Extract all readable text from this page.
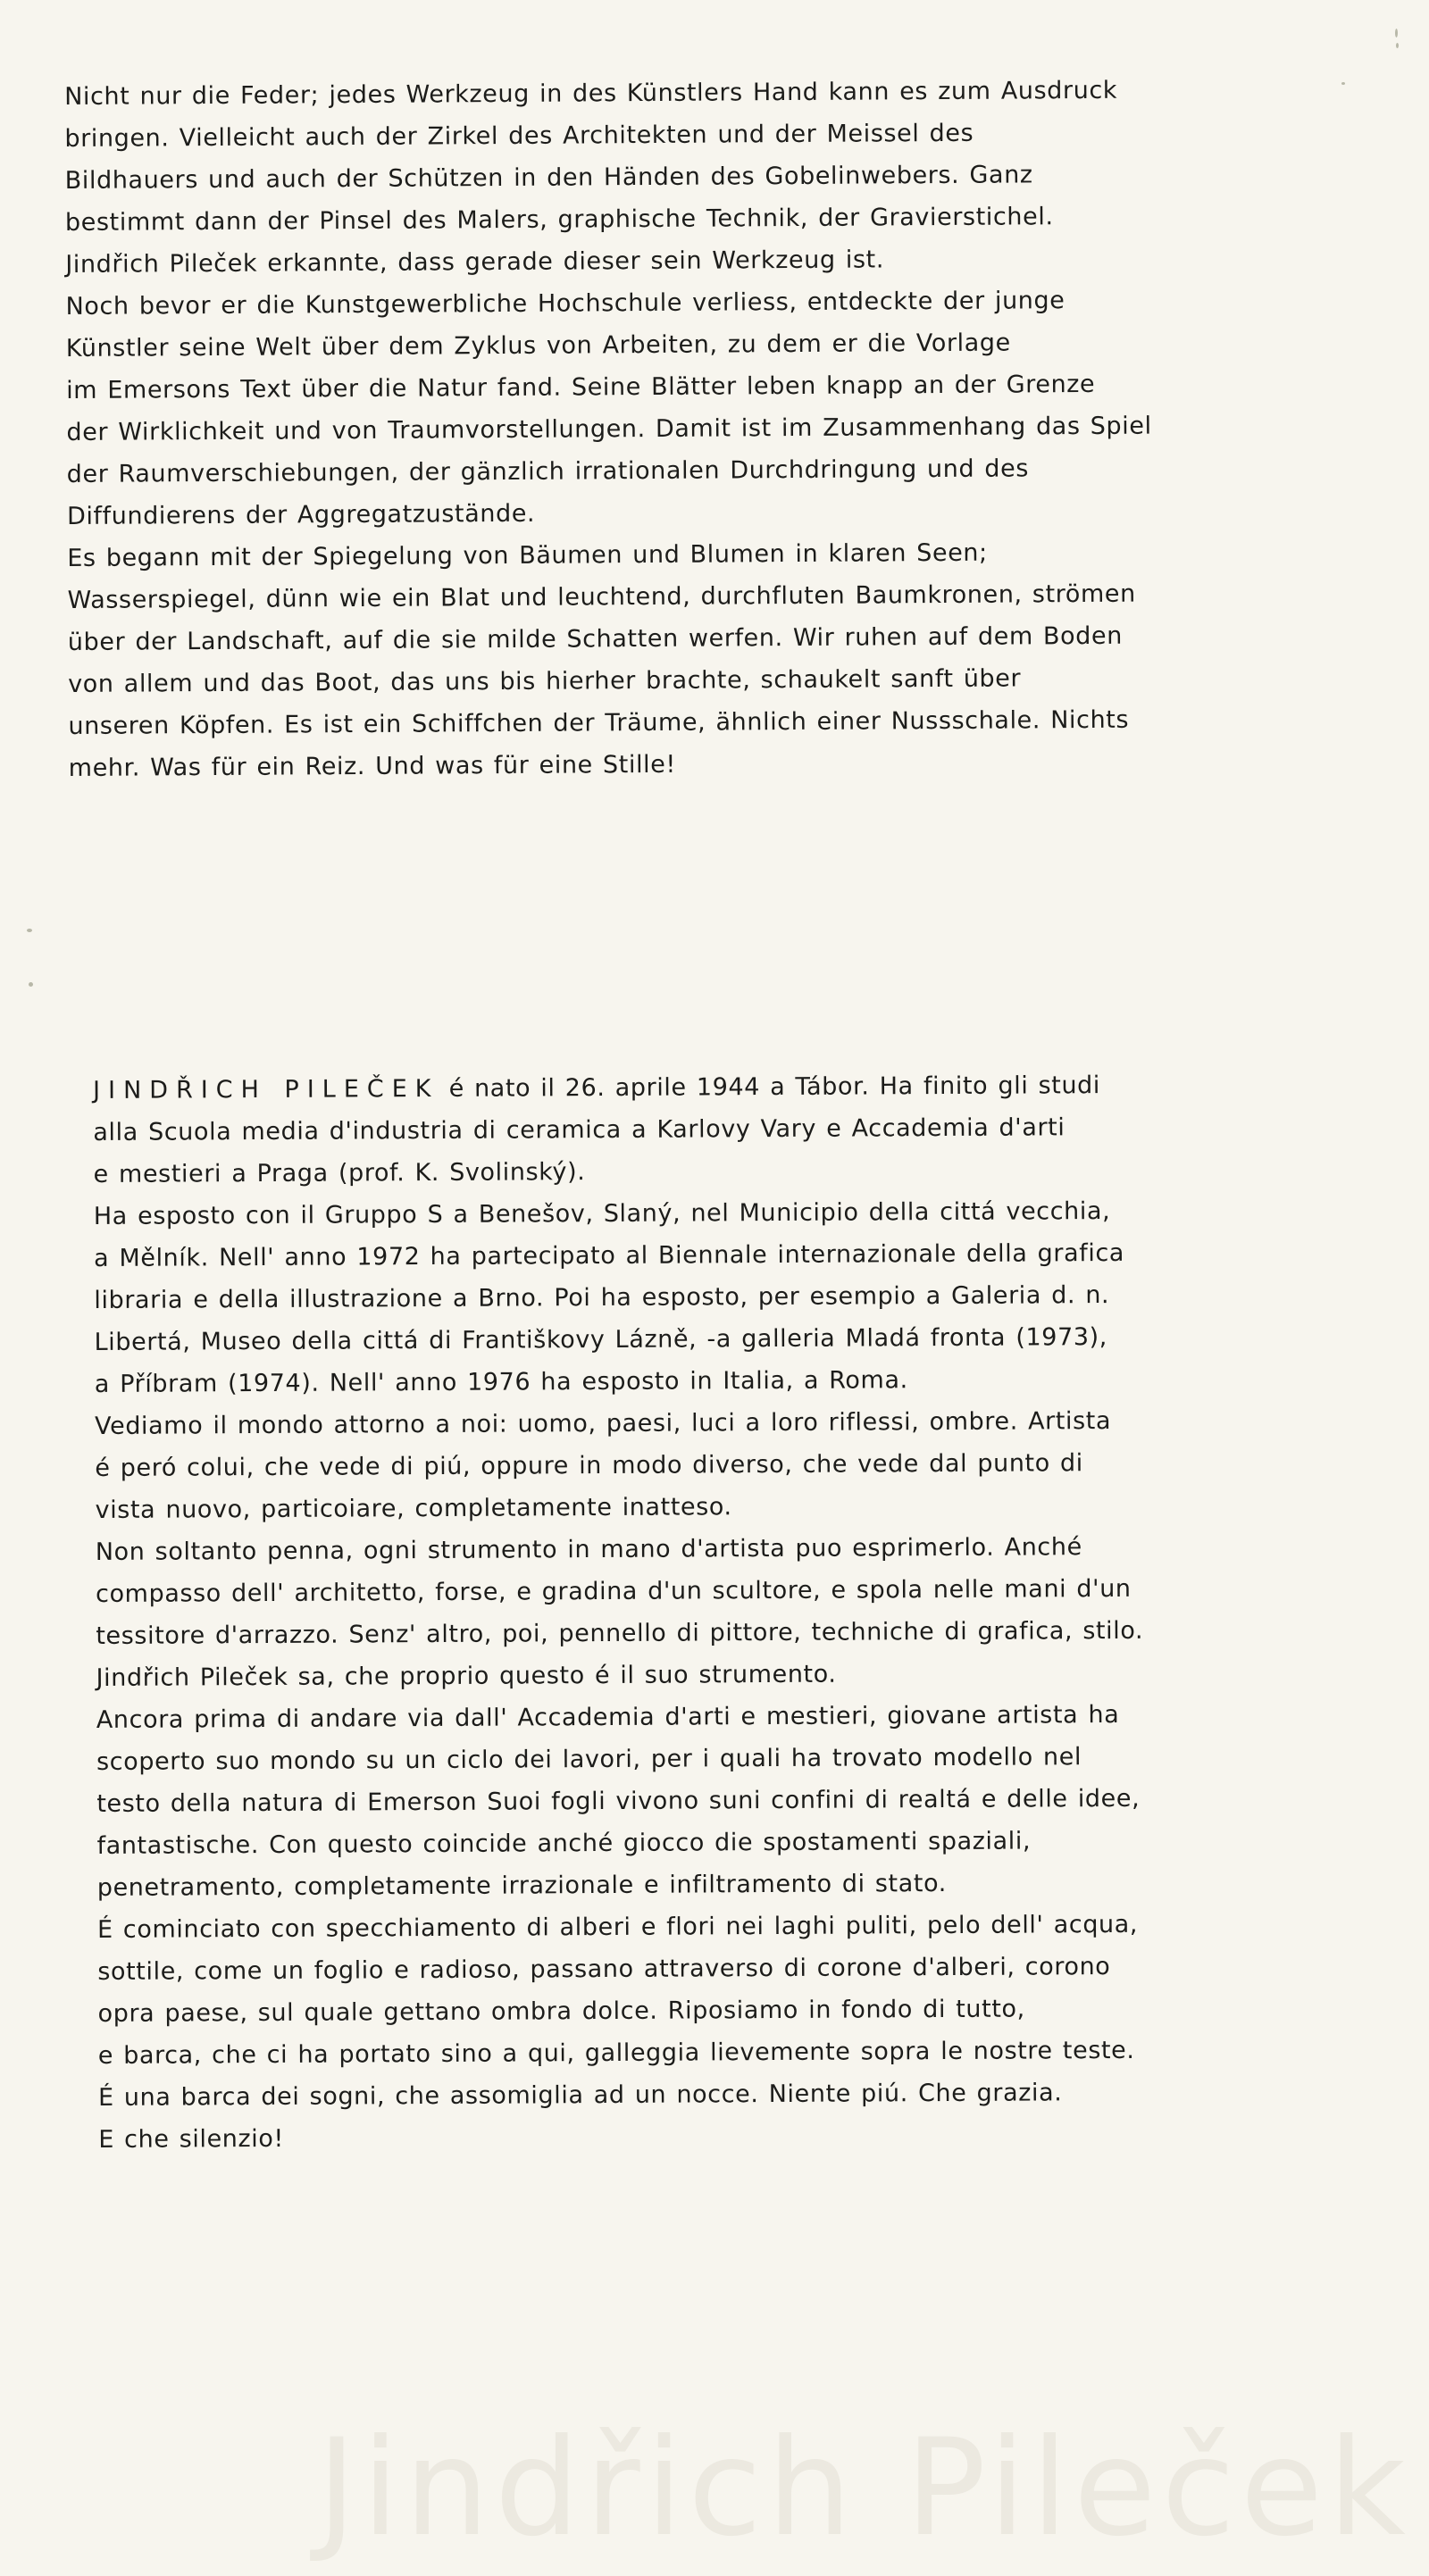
Nicht nur die Feder; jedes Werkzeug in des Künstlers Hand kann es zum Ausdruck
bringen. Vielleicht auch der Zirkel des Architekten und der Meissel des
Bildhauers und auch der Schützen in den Händen des Gobelinwebers. Ganz
bestimmt dann der Pinsel des Malers, graphische Technik, der Gravierstichel.
Jindřich Pileček erkannte, dass gerade dieser sein Werkzeug ist.
Noch bevor er die Kunstgewerbliche Hochschule verliess, entdeckte der junge
Künstler seine Welt über dem Zyklus von Arbeiten, zu dem er die Vorlage
im Emersons Text über die Natur fand. Seine Blätter leben knapp an der Grenze
der Wirklichkeit und von Traumvorstellungen. Damit ist im Zusammenhang das Spiel
der Raumverschiebungen, der gänzlich irrationalen Durchdringung und des
Diffundierens der Aggregatzustände.
Es begann mit der Spiegelung von Bäumen und Blumen in klaren Seen;
Wasserspiegel, dünn wie ein Blat und leuchtend, durchfluten Baumkronen, strömen
über der Landschaft, auf die sie milde Schatten werfen. Wir ruhen auf dem Boden
von allem und das Boot, das uns bis hierher brachte, schaukelt sanft über
unseren Köpfen. Es ist ein Schiffchen der Träume, ähnlich einer Nussschale. Nichts
mehr. Was für ein Reiz. Und was für eine Stille!
JINDŘICH PILEČEK é nato il 26. aprile 1944 a Tábor. Ha finito gli studi
alla Scuola media d'industria di ceramica a Karlovy Vary e Accademia d'arti
e mestieri a Praga (prof. K. Svolinský).
Ha esposto con il Gruppo S a Benešov, Slaný, nel Municipio della cittá vecchia,
a Mělník. Nell' anno 1972 ha partecipato al Biennale internazionale della grafica
libraria e della illustrazione a Brno. Poi ha esposto, per esempio a Galeria d. n.
Libertá, Museo della cittá di Františkovy Lázně, -a galleria Mladá fronta (1973),
a Příbram (1974). Nell' anno 1976 ha esposto in Italia, a Roma.
Vediamo il mondo attorno a noi: uomo, paesi, luci a loro riflessi, ombre. Artista
é peró colui, che vede di piú, oppure in modo diverso, che vede dal punto di
vista nuovo, particoiare, completamente inatteso.
Non soltanto penna, ogni strumento in mano d'artista puo esprimerlo. Anché
compasso dell' architetto, forse, e gradina d'un scultore, e spola nelle mani d'un
tessitore d'arrazzo. Senz' altro, poi, pennello di pittore, techniche di grafica, stilo.
Jindřich Pileček sa, che proprio questo é il suo strumento.
Ancora prima di andare via dall' Accademia d'arti e mestieri, giovane artista ha
scoperto suo mondo su un ciclo dei lavori, per i quali ha trovato modello nel
testo della natura di Emerson Suoi fogli vivono suni confini di realtá e delle idee,
fantastische. Con questo coincide anché giocco die spostamenti spaziali,
penetramento, completamente irrazionale e infiltramento di stato.
É cominciato con specchiamento di alberi e flori nei laghi puliti, pelo dell' acqua,
sottile, come un foglio e radioso, passano attraverso di corone d'alberi, corono
opra paese, sul quale gettano ombra dolce. Riposiamo in fondo di tutto,
e barca, che ci ha portato sino a qui, galleggia lievemente sopra le nostre teste.
É una barca dei sogni, che assomiglia ad un nocce. Niente piú. Che grazia.
E che silenzio!
Jindřich Pileček
